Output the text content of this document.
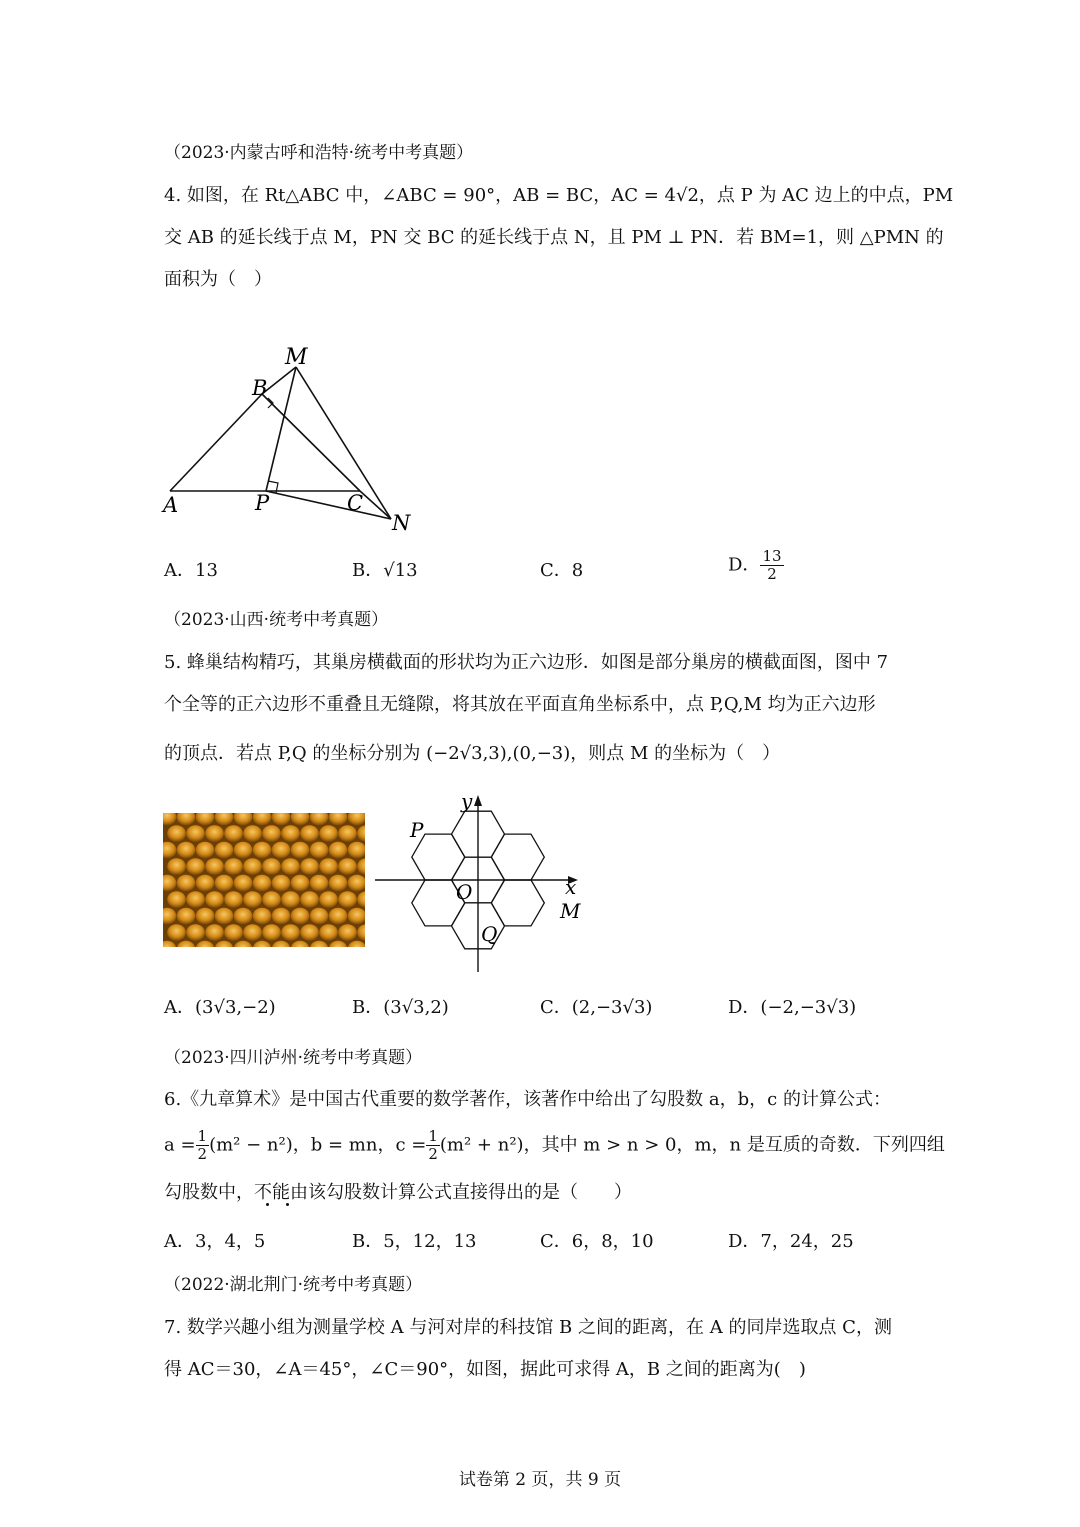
（2023·内蒙古呼和浩特·统考中考真题）
4. 如图，在 Rt△ABC 中，∠ABC = 90°，AB = BC，AC = 4√2，点 P 为 AC 边上的中点，PM
交 AB 的延长线于点 M，PN 交 BC 的延长线于点 N，且 PM ⊥ PN．若 BM=1，则 △PMN 的
面积为（　）
M
B
A	P	C
N
A．13	B．√13	C．8	D． $\frac{13}{2}$
（2023·山西·统考中考真题）
5. 蜂巢结构精巧，其巢房横截面的形状均为正六边形．如图是部分巢房的横截面图，图中 7
个全等的正六边形不重叠且无缝隙，将其放在平面直角坐标系中，点 P,Q,M 均为正六边形
的顶点．若点 P,Q 的坐标分别为 (−2√3,3),(0,−3)，则点 M 的坐标为（　）
y
x
O
P
Q
M
A．(3√3,−2)	B．(3√3,2)	C．(2,−3√3)	D．(−2,−3√3)
（2023·四川泸州·统考中考真题）
6.《九章算术》是中国古代重要的数学著作，该著作中给出了勾股数 a，b，c 的计算公式：
$a = \frac{1}{2} (m^2 - n^2)$，b = mn，$c = \frac{1}{2} (m^2 + n^2)$，其中 m > n > 0，m，n 是互质的奇数．下列四组
勾股数中，不能由该勾股数计算公式直接得出的是（　　）
A．3，4，5	B．5，12，13	C．6，8，10	D．7，24，25
（2022·湖北荆门·统考中考真题）
7. 数学兴趣小组为测量学校 A 与河对岸的科技馆 B 之间的距离，在 A 的同岸选取点 C，测
得 AC＝30，∠A＝45°，∠C＝90°，如图，据此可求得 A，B 之间的距离为(　)
试卷第 2 页，共 9 页
